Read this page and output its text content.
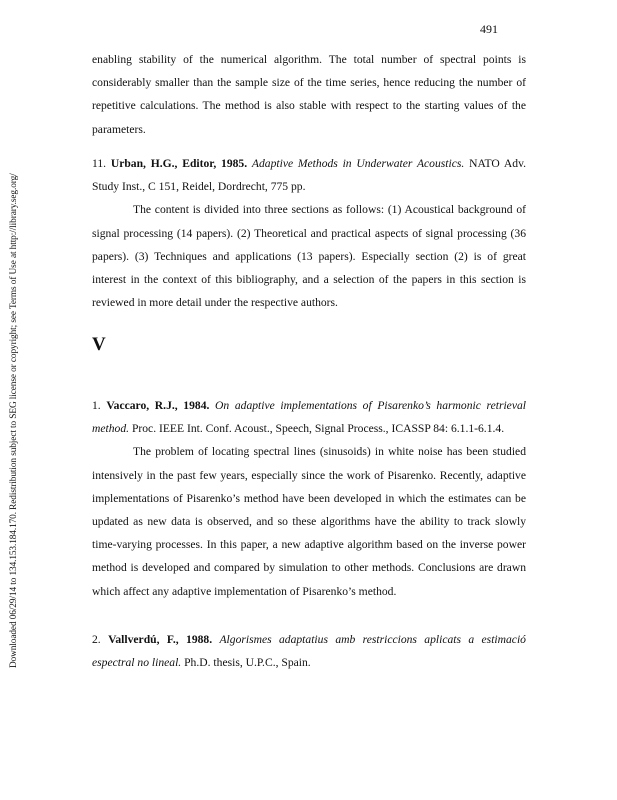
491
Downloaded 06/29/14 to 134.153.184.170. Redistribution subject to SEG license or copyright; see Terms of Use at http://library.seg.org/

enabling stability of the numerical algorithm. The total number of spectral points is considerably smaller than the sample size of the time series, hence reducing the number of repetitive calculations. The method is also stable with respect to the starting values of the parameters.

11. Urban, H.G., Editor, 1985. Adaptive Methods in Underwater Acoustics. NATO Adv. Study Inst., C 151, Reidel, Dordrecht, 775 pp.

The content is divided into three sections as follows: (1) Acoustical background of signal processing (14 papers). (2) Theoretical and practical aspects of signal processing (36 papers). (3) Techniques and applications (13 papers). Especially section (2) is of great interest in the context of this bibliography, and a selection of the papers in this section is reviewed in more detail under the respective authors.

V

1. Vaccaro, R.J., 1984. On adaptive implementations of Pisarenko’s harmonic retrieval method. Proc. IEEE Int. Conf. Acoust., Speech, Signal Process., ICASSP 84: 6.1.1-6.1.4.

The problem of locating spectral lines (sinusoids) in white noise has been studied intensively in the past few years, especially since the work of Pisarenko. Recently, adaptive implementations of Pisarenko’s method have been developed in which the estimates can be updated as new data is observed, and so these algorithms have the ability to track slowly time-varying processes. In this paper, a new adaptive algorithm based on the inverse power method is developed and compared by simulation to other methods. Conclusions are drawn which affect any adaptive implementation of Pisarenko’s method.

2. Vallverdú, F., 1988. Algorismes adaptatius amb restriccions aplicats a estimació espectral no lineal. Ph.D. thesis, U.P.C., Spain.
